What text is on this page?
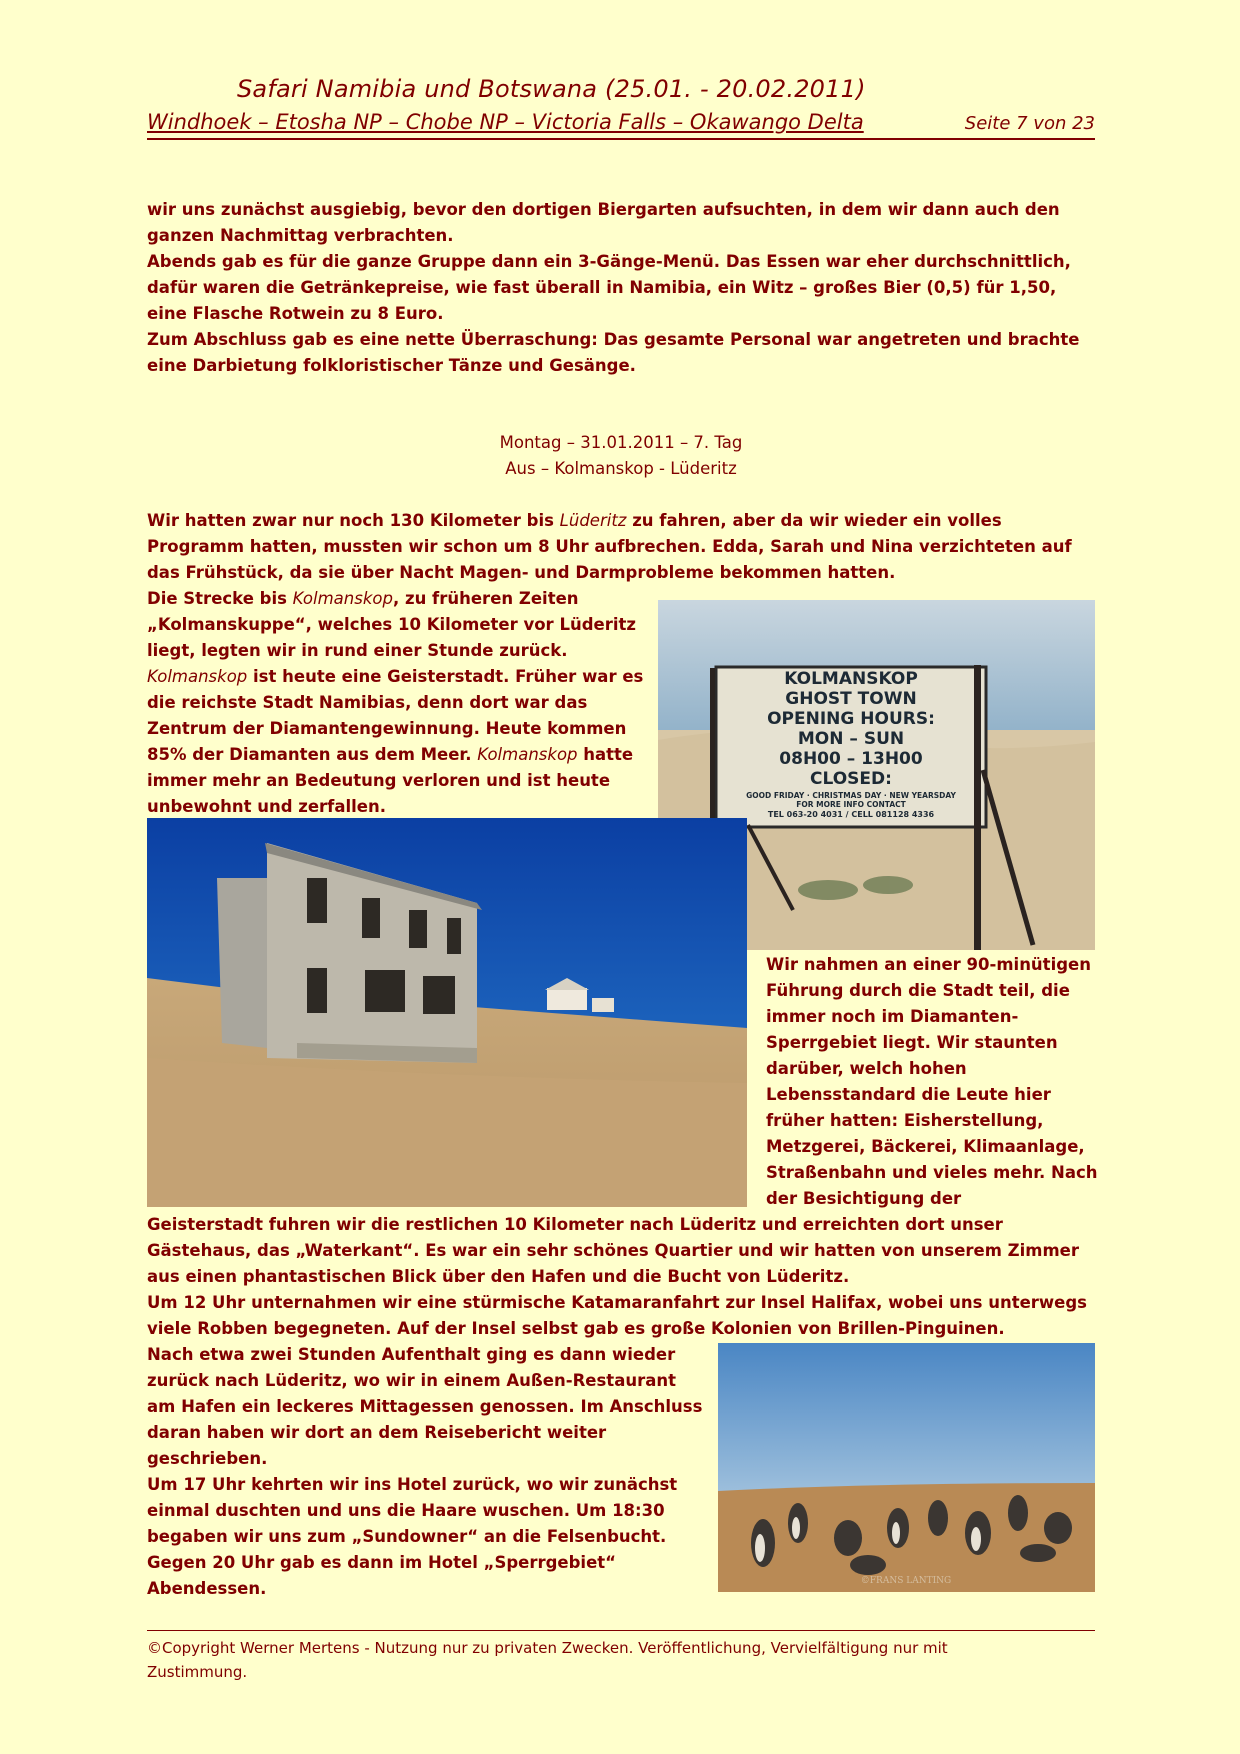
Safari Namibia und Botswana (25.01. - 20.02.2011)
Windhoek – Etosha NP – Chobe NP – Victoria Falls – Okawango Delta	Seite 7 von 23

wir uns zunächst ausgiebig, bevor den dortigen Biergarten aufsuchten, in dem wir dann auch den ganzen Nachmittag verbrachten.

Abends gab es für die ganze Gruppe dann ein 3-Gänge-Menü. Das Essen war eher durchschnittlich, dafür waren die Getränkepreise, wie fast überall in Namibia, ein Witz – großes Bier (0,5) für 1,50, eine Flasche Rotwein zu 8 Euro.

Zum Abschluss gab es eine nette Überraschung: Das gesamte Personal war angetreten und brachte eine Darbietung folkloristischer Tänze und Gesänge.

Montag – 31.01.2011 – 7. Tag

Aus – Kolmanskop - Lüderitz

Wir hatten zwar nur noch 130 Kilometer bis Lüderitz zu fahren, aber da wir wieder ein volles Programm hatten, mussten wir schon um 8 Uhr aufbrechen. Edda, Sarah und Nina verzichteten auf das Frühstück, da sie über Nacht Magen- und Darmprobleme bekommen hatten.

Die Strecke bis Kolmanskop, zu früheren Zeiten „Kolmanskuppe“, welches 10 Kilometer vor Lüderitz liegt, legten wir in rund einer Stunde zurück.

Kolmanskop ist heute eine Geisterstadt. Früher war es die reichste Stadt Namibias, denn dort war das Zentrum der Diamantengewinnung. Heute kommen 85% der Diamanten aus dem Meer. Kolmanskop hatte immer mehr an Bedeutung verloren und ist heute unbewohnt und zerfallen.

KOLMANSKOP
GHOST TOWN
OPENING HOURS:
MON – SUN
08H00 – 13H00
CLOSED:
GOOD FRIDAY · CHRISTMAS DAY · NEW YEARSDAY
FOR MORE INFO CONTACT
TEL 063-20 4031 / CELL 081128 4336

Wir nahmen an einer 90-minütigen Führung durch die Stadt teil, die immer noch im Diamanten-Sperrgebiet liegt. Wir staunten darüber, welch hohen Lebensstandard die Leute hier früher hatten: Eisherstellung, Metzgerei, Bäckerei, Klimaanlage, Straßenbahn und vieles mehr. Nach der Besichtigung der

Geisterstadt fuhren wir die restlichen 10 Kilometer nach Lüderitz und erreichten dort unser Gästehaus, das „Waterkant“. Es war ein sehr schönes Quartier und wir hatten von unserem Zimmer aus einen phantastischen Blick über den Hafen und die Bucht von Lüderitz.

Um 12 Uhr unternahmen wir eine stürmische Katamaranfahrt zur Insel Halifax, wobei uns unterwegs viele Robben begegneten. Auf der Insel selbst gab es große Kolonien von Brillen-Pinguinen.

Nach etwa zwei Stunden Aufenthalt ging es dann wieder zurück nach Lüderitz, wo wir in einem Außen-Restaurant am Hafen ein leckeres Mittagessen genossen. Im Anschluss daran haben wir dort an dem Reisebericht weiter geschrieben.

Um 17 Uhr kehrten wir ins Hotel zurück, wo wir zunächst einmal duschten und uns die Haare wuschen. Um 18:30 begaben wir uns zum „Sundowner“ an die Felsenbucht. Gegen 20 Uhr gab es dann im Hotel „Sperrgebiet“ Abendessen.	©FRANS LANTING
©Copyright Werner Mertens - Nutzung nur zu privaten Zwecken. Veröffentlichung, Vervielfältigung nur mit Zustimmung.
